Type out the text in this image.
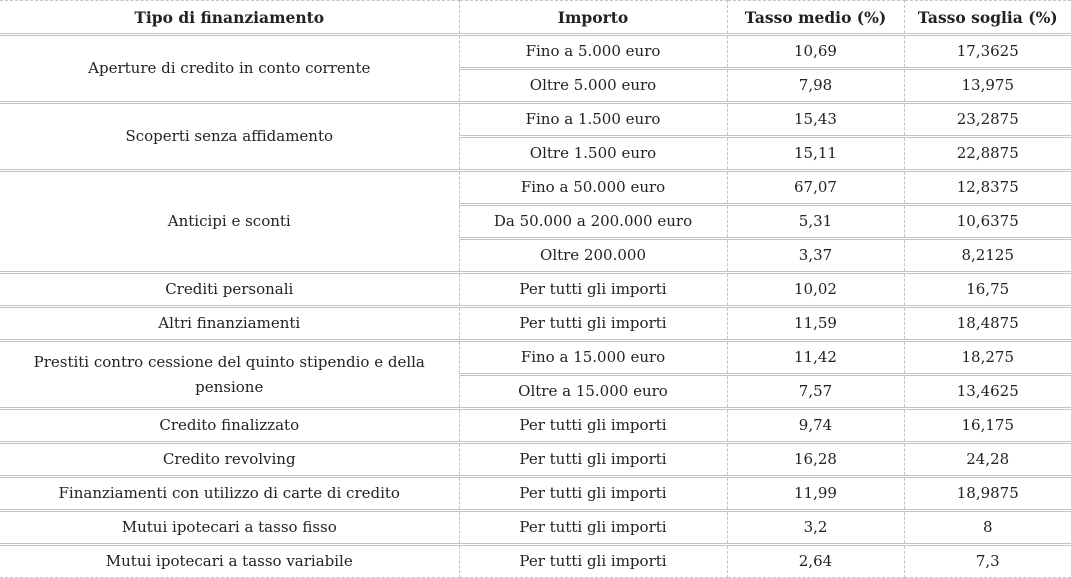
Tipo di finanziamento	Importo	Tasso medio (%)	Tasso soglia (%)
Aperture di credito in conto corrente	Fino a 5.000 euro	10,69	17,3625
	Oltre 5.000 euro	7,98	13,975
Scoperti senza affidamento	Fino a 1.500 euro	15,43	23,2875
	Oltre 1.500 euro	15,11	22,8875
Anticipi e sconti	Fino a 50.000 euro	67,07	12,8375
	Da 50.000 a 200.000 euro	5,31	10,6375
	Oltre 200.000	3,37	8,2125
Crediti personali	Per tutti gli importi	10,02	16,75
Altri finanziamenti	Per tutti gli importi	11,59	18,4875
Prestiti contro cessione del quinto stipendio e della pensione	Fino a 15.000 euro	11,42	18,275
	Oltre a 15.000 euro	7,57	13,4625
Credito finalizzato	Per tutti gli importi	9,74	16,175
Credito revolving	Per tutti gli importi	16,28	24,28
Finanziamenti con utilizzo di carte di credito	Per tutti gli importi	11,99	18,9875
Mutui ipotecari a tasso fisso	Per tutti gli importi	3,2	8
Mutui ipotecari a tasso variabile	Per tutti gli importi	2,64	7,3
